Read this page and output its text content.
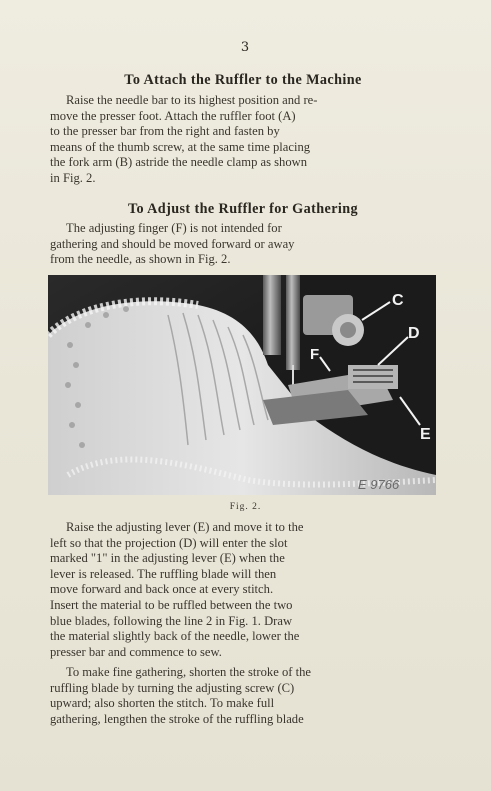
3
To Attach the Ruffler to the Machine
Raise the needle bar to its highest position and re-
move the presser foot. Attach the ruffler foot (A)
to the presser bar from the right and fasten by
means of the thumb screw, at the same time placing
the fork arm (B) astride the needle clamp as shown
in Fig. 2.
To Adjust the Ruffler for Gathering
The adjusting finger (F) is not intended for
gathering and should be moved forward or away
from the needle, as shown in Fig. 2.
C
D
E
F
E 9766
Fig. 2.
Raise the adjusting lever (E) and move it to the
left so that the projection (D) will enter the slot
marked "1" in the adjusting lever (E) when the
lever is released. The ruffling blade will then
move forward and back once at every stitch.
Insert the material to be ruffled between the two
blue blades, following the line 2 in Fig. 1. Draw
the material slightly back of the needle, lower the
presser bar and commence to sew.
To make fine gathering, shorten the stroke of the
ruffling blade by turning the adjusting screw (C)
upward; also shorten the stitch. To make full
gathering, lengthen the stroke of the ruffling blade
